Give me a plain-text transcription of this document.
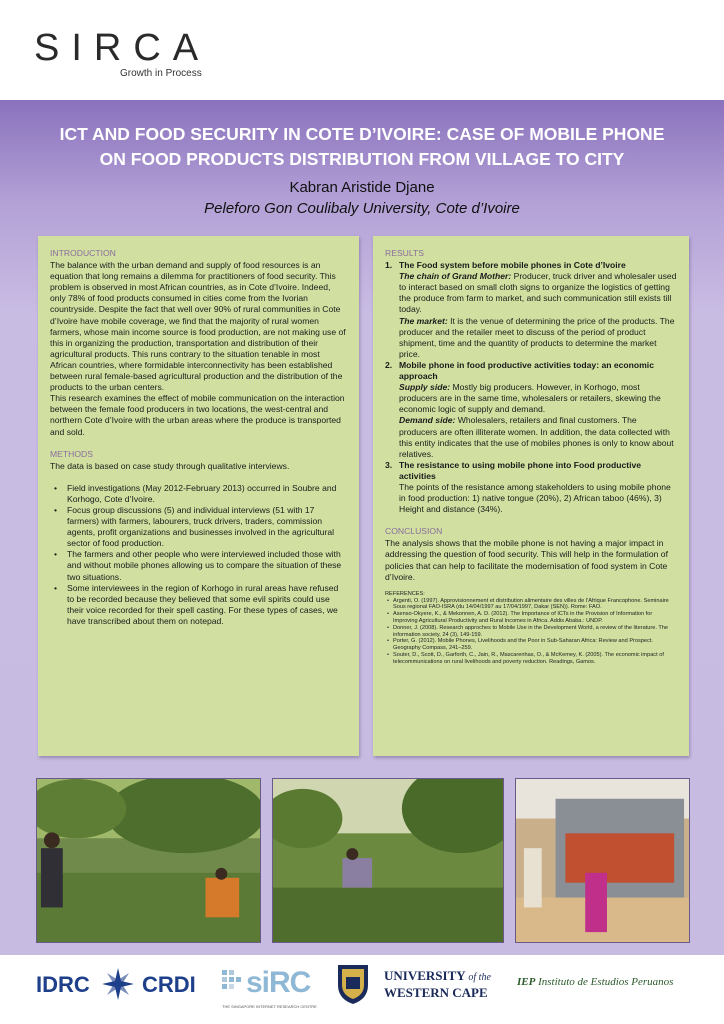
SIRCA
Growth in Process
ICT AND FOOD SECURITY IN COTE D’IVOIRE: CASE OF MOBILE PHONE
ON FOOD PRODUCTS DISTRIBUTION FROM VILLAGE TO CITY
Kabran Aristide Djane
Peleforo Gon Coulibaly University, Cote d’Ivoire
INTRODUCTION
The balance with the urban demand and supply of food resources is an equation that long remains a dilemma for practitioners of food security. This problem is observed in most African countries, as in Cote d’Ivoire. Indeed, only 78% of food products consumed in cities come from the Ivorian countryside. Despite the fact that well over 90% of rural communities in Cote d’Ivoire have mobile coverage, we find that the majority of rural women farmers, whose main income source is food production, are not making use of this in organizing the production, transportation and distribution of their agricultural products. This runs contrary to the situation tenable in most African countries, where formidable interconnectivity has been established between rural female-based agricultural production and the distribution of the products to the urban centers.
This research examines the effect of mobile communication on the interaction between the female food producers in two locations, the west-central and northern Cote d’Ivoire with the urban areas where the produce is transported and sold.
METHODS
The data is based on case study through qualitative interviews.
• Field investigations (May 2012-February 2013) occurred in Soubre and Korhogo, Cote d’Ivoire.
• Focus group discussions (5) and individual interviews (51 with 17 farmers) with farmers, labourers, truck drivers, traders, commission agents, profit organizations and businesses involved in the agricultural sector of food production.
• The farmers and other people who were interviewed included those with and without mobile phones allowing us to compare the situation of these two situations.
• Some interviewees in the region of Korhogo in rural areas have refused to be recorded because they believed that some evil spirits could use their voice recorded for their spell casting. For these types of cases, we have transcribed about them on notepad.
RESULTS
1. The Food system before mobile phones in Cote d’Ivoire
The chain of Grand Mother: Producer, truck driver and wholesaler used to interact based on small cloth signs to organize the logistics of getting the produce from farm to market, and such communication still exists till today.
The market: It is the venue of determining the price of the products. The producer and the retailer meet to discuss of the period of product shipment, time and the quantity of products to determine the market price.
2. Mobile phone in food productive activities today: an economic approach
Supply side: Mostly big producers. However, in Korhogo, most producers are in the same time, wholesalers or retailers, skewing the economic logic of supply and demand.
Demand side: Wholesalers, retailers and final customers. The producers are often illiterate women. In addition, the data collected with this entity indicates that the use of mobiles phones is only to know about relatives.
3. The resistance to using mobile phone into Food productive activities
The points of the resistance among stakeholders to using mobile phone in food production: 1) native tongue (20%), 2) African taboo (46%), 3) Height and distance (34%).
CONCLUSION
The analysis shows that the mobile phone is not having a major impact in addressing the question of food security. This will help in the formulation of policies that can help to facilitate the modernisation of food system in Cote d’Ivoire.
REFERENCES:
• Argenti, O. (1997). Approvisionnement et distribution alimentaire des villes de l’Afrique Francophone. Seminaire Sous regional FAO-ISRA (du 14/04/1997 au 17/04/1997, Dakar (SEN)). Rome: FAO.
• Asenso-Okyere, K., & Mekonnen, A. D. (2012). The Importance of ICTs in the Provision of Information for Improving Agricultural Productivity and Rural Incomes in Africa. Addis Ababa.: UNDP.
• Donner, J. (2008). Research approches to Mobile Use in the Development World, a review of the literature. The information society, 24 (3), 149-159.
• Porter, G. (2012). Mobile Phones, Livelihoods and the Poor in Sub-Saharan Africa: Review and Prospect. Geography Compass, 241–259.
• Souter, D., Scott, D., Garforth, C., Jain, R., Mascarenhas, O., & McKemey, K. (2005). The economic impact of telecommunications on rural livelihoods and poverty reduction. Readings, Gamos.
IDRC CRDI siRC
THE SINGAPORE INTERNET RESEARCH CENTRE
UNIVERSITY of the
WESTERN CAPE
IEP Instituto de Estudios Peruanos
